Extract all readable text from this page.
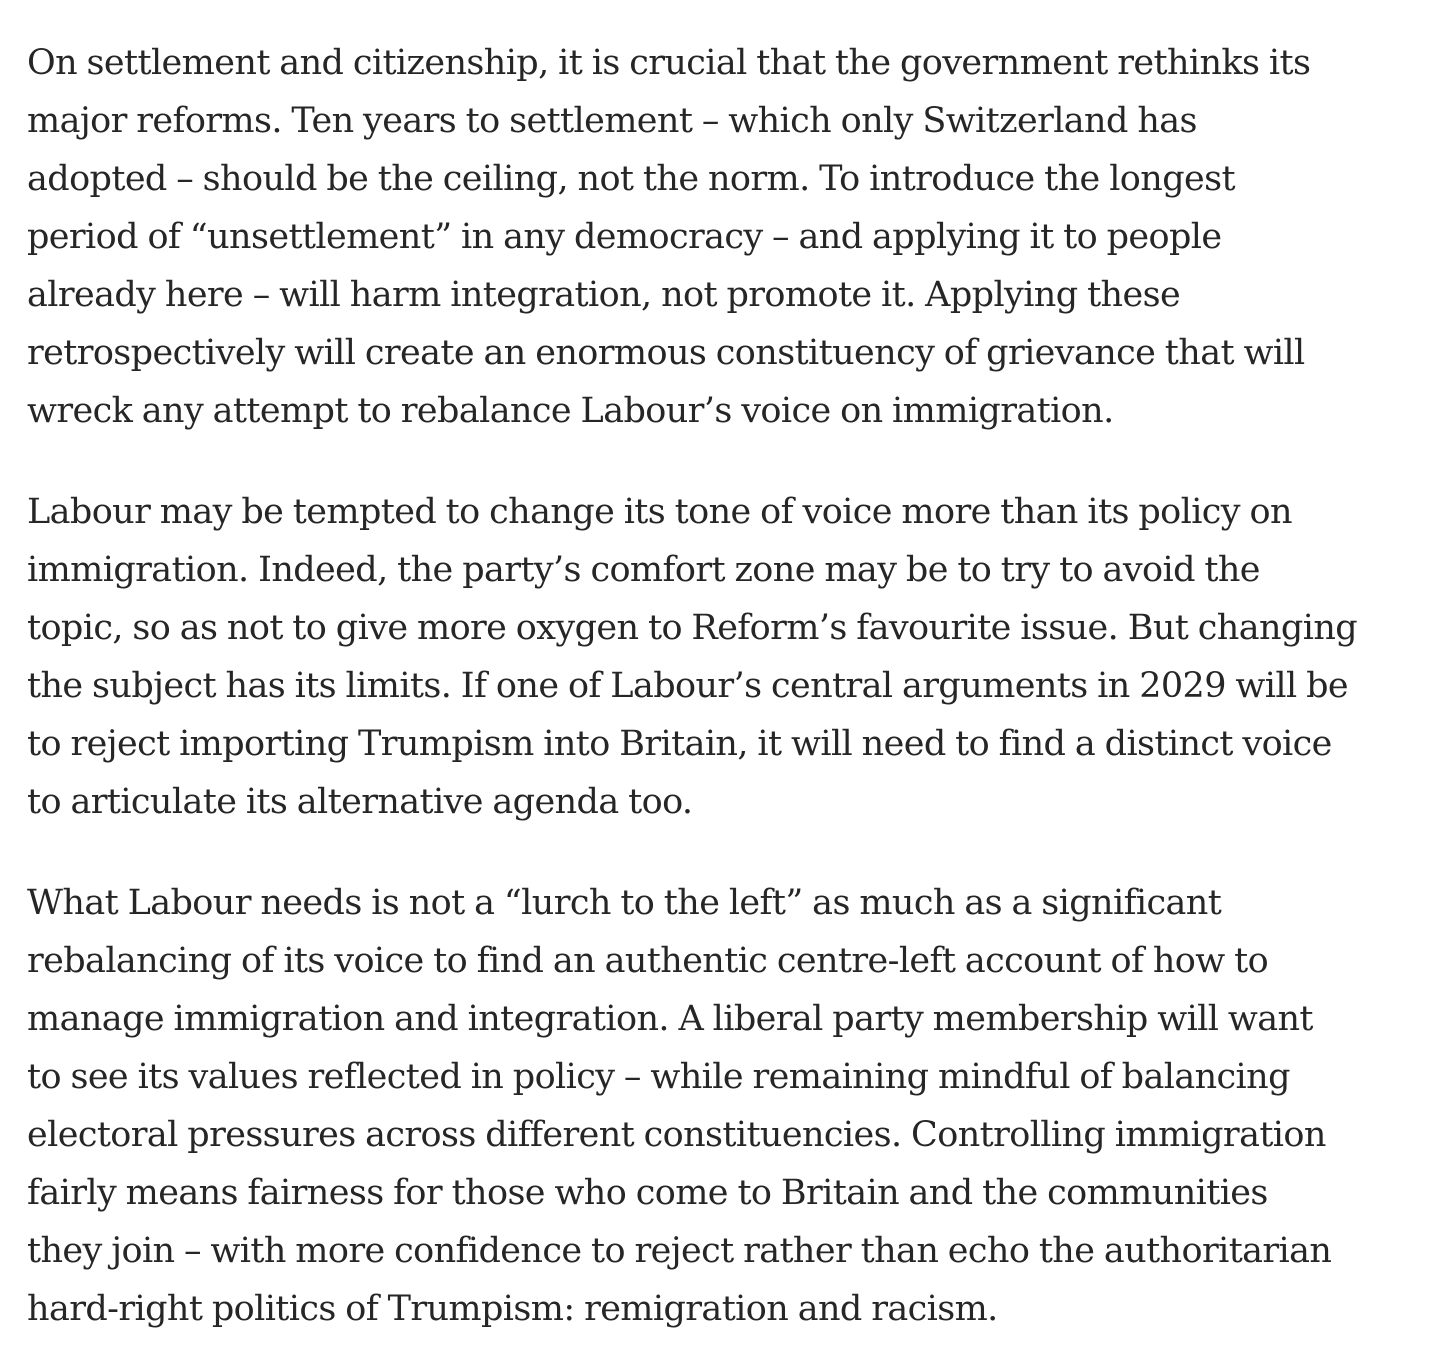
On settlement and citizenship, it is crucial that the government rethinks its
major reforms. Ten years to settlement – which only Switzerland has
adopted – should be the ceiling, not the norm. To introduce the longest
period of “unsettlement” in any democracy – and applying it to people
already here – will harm integration, not promote it. Applying these
retrospectively will create an enormous constituency of grievance that will
wreck any attempt to rebalance Labour’s voice on immigration.

Labour may be tempted to change its tone of voice more than its policy on
immigration. Indeed, the party’s comfort zone may be to try to avoid the
topic, so as not to give more oxygen to Reform’s favourite issue. But changing
the subject has its limits. If one of Labour’s central arguments in 2029 will be
to reject importing Trumpism into Britain, it will need to find a distinct voice
to articulate its alternative agenda too.

What Labour needs is not a “lurch to the left” as much as a significant
rebalancing of its voice to find an authentic centre-left account of how to
manage immigration and integration. A liberal party membership will want
to see its values reflected in policy – while remaining mindful of balancing
electoral pressures across different constituencies. Controlling immigration
fairly means fairness for those who come to Britain and the communities
they join – with more confidence to reject rather than echo the authoritarian
hard-right politics of Trumpism: remigration and racism.
